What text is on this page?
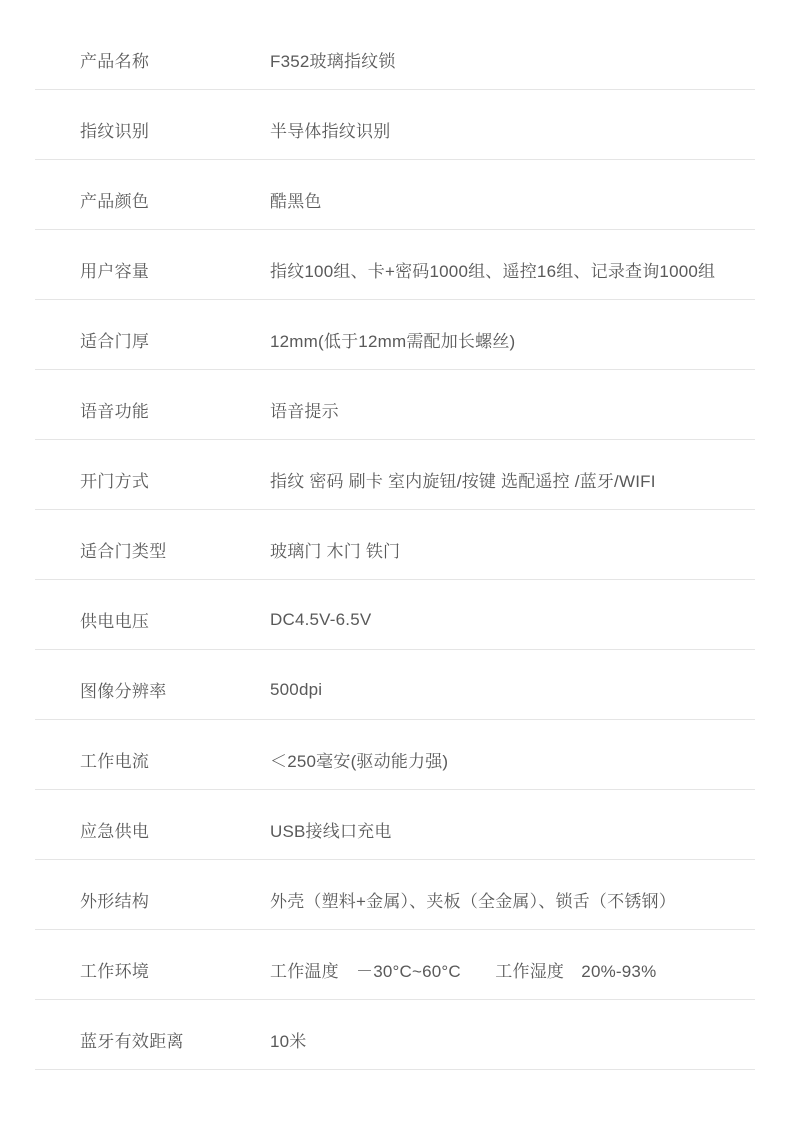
产品名称	F352玻璃指纹锁
指纹识别	半导体指纹识别
产品颜色	酷黑色
用户容量	指纹100组、卡+密码1000组、遥控16组、记录查询1000组
适合门厚	12mm(低于12mm需配加长螺丝)
语音功能	语音提示
开门方式	指纹 密码 刷卡 室内旋钮/按键 选配遥控 /蓝牙/WIFI
适合门类型	玻璃门 木门 铁门
供电电压	DC4.5V-6.5V
图像分辨率	500dpi
工作电流	＜250毫安(驱动能力强)
应急供电	USB接线口充电
外形结构	外壳（塑料+金属）、夹板（全金属）、锁舌（不锈钢）
工作环境	工作温度　－30°C~60°C　　工作湿度　20%-93%
蓝牙有效距离	10米
